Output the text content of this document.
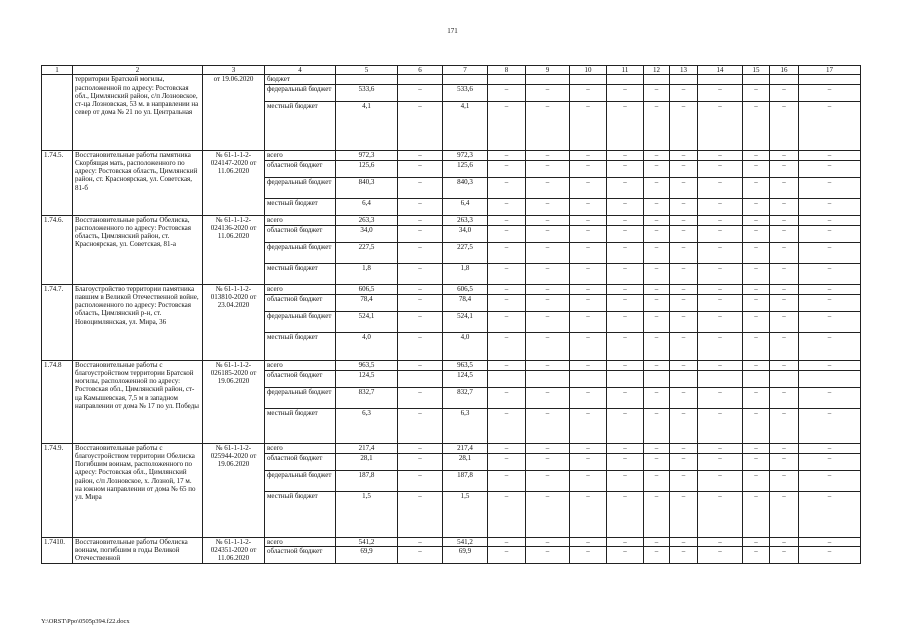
171
1	2	3	4	5	6	7	8	9	10	11	12	13	14	15	16	17
	территории Братской могилы, расположенной по адресу: Ростовская обл., Цимлянский район, с/п Лозновское, ст-ца Лозновская, 53 м. в направлении на север от дома № 21 по ул. Центральная	от 19.06.2020	бюджет													
			федеральный бюджет	533,6	–	533,6	–	–	–	–	–	–	–	–	–	–
			местный бюджет	4,1	–	4,1	–	–	–	–	–	–	–	–	–	–
1.74.5.	Восстановительные работы памятника Скорбящая мать, расположенного по адресу: Ростовская область, Цимлянский район, ст. Красноярская, ул. Советская, 81-б	№ 61-1-1-2-024147-2020 от 11.06.2020	всего	972,3	–	972,3	–	–	–	–	–	–	–	–	–	–
			областной бюджет	125,6	–	125,6	–	–	–	–	–	–	–	–	–	–
			федеральный бюджет	840,3	–	840,3	–	–	–	–	–	–	–	–	–	–
			местный бюджет	6,4	–	6,4	–	–	–	–	–	–	–	–	–	–
1.74.6.	Восстановительные работы Обелиска, расположенного по адресу: Ростовская область, Цимлянский район, ст. Красноярская, ул. Советская, 81-а	№ 61-1-1-2-024136-2020 от 11.06.2020	всего	263,3	–	263,3	–	–	–	–	–	–	–	–	–	–
			областной бюджет	34,0	–	34,0	–	–	–	–	–	–	–	–	–	–
			федеральный бюджет	227,5	–	227,5	–	–	–	–	–	–	–	–	–	–
			местный бюджет	1,8	–	1,8	–	–	–	–	–	–	–	–	–	–
1.74.7.	Благоустройство территории памятника павшим в Великой Отечественной войне, расположенного по адресу: Ростовская область, Цимлянский р-н, ст. Новоцимлянская, ул. Мира, 36	№ 61-1-1-2-013810-2020 от 23.04.2020	всего	606,5	–	606,5	–	–	–	–	–	–	–	–	–	–
			областной бюджет	78,4	–	78,4	–	–	–	–	–	–	–	–	–	–
			федеральный бюджет	524,1	–	524,1	–	–	–	–	–	–	–	–	–	–
			местный бюджет	4,0	–	4,0	–	–	–	–	–	–	–	–	–	–
1.74.8	Восстановительные работы с благоустройством территории Братской могилы, расположенной по адресу: Ростовская обл., Цимлянский район, ст-ца Камышевская, 7,5 м в западном направлении от дома № 17 по ул. Победы	№ 61-1-1-2-026185-2020 от 19.06.2020	всего	963,5	–	963,5	–	–	–	–	–	–	–	–	–	–
			областной бюджет	124,5		124,5										
			федеральный бюджет	832,7	–	832,7	–	–	–	–	–	–	–	–	–	–
			местный бюджет	6,3	–	6,3	–	–	–	–	–	–	–	–	–	–
1.74.9.	Восстановительные работы с благоустройством территории Обелиска Погибшим воинам, расположенного по адресу: Ростовская обл., Цимлянский район, с/п Лозновское, х. Лозной, 17 м. на южном направлении от дома № 65 по ул. Мира	№ 61-1-1-2-025944-2020 от 19.06.2020	всего	217,4	–	217,4	–	–	–	–	–	–	–	–	–	–
			областной бюджет	28,1	–	28,1	–	–	–	–	–	–	–	–	–	–
			федеральный бюджет	187,8	–	187,8	–	–	–	–	–	–	–	–	–	–
			местный бюджет	1,5	–	1,5	–	–	–	–	–	–	–	–	–	–
1.7410.	Восстановительные работы Обелиска воинам, погибшим в годы Великой Отечественной	№ 61-1-1-2-024351-2020 от 11.06.2020	всего	541,2	–	541,2	–	–	–	–	–	–	–	–	–	–
			областной бюджет	69,9	–	69,9	–	–	–	–	–	–	–	–	–	–
Y:\ORST\Ppo\0505p394.f22.docx
